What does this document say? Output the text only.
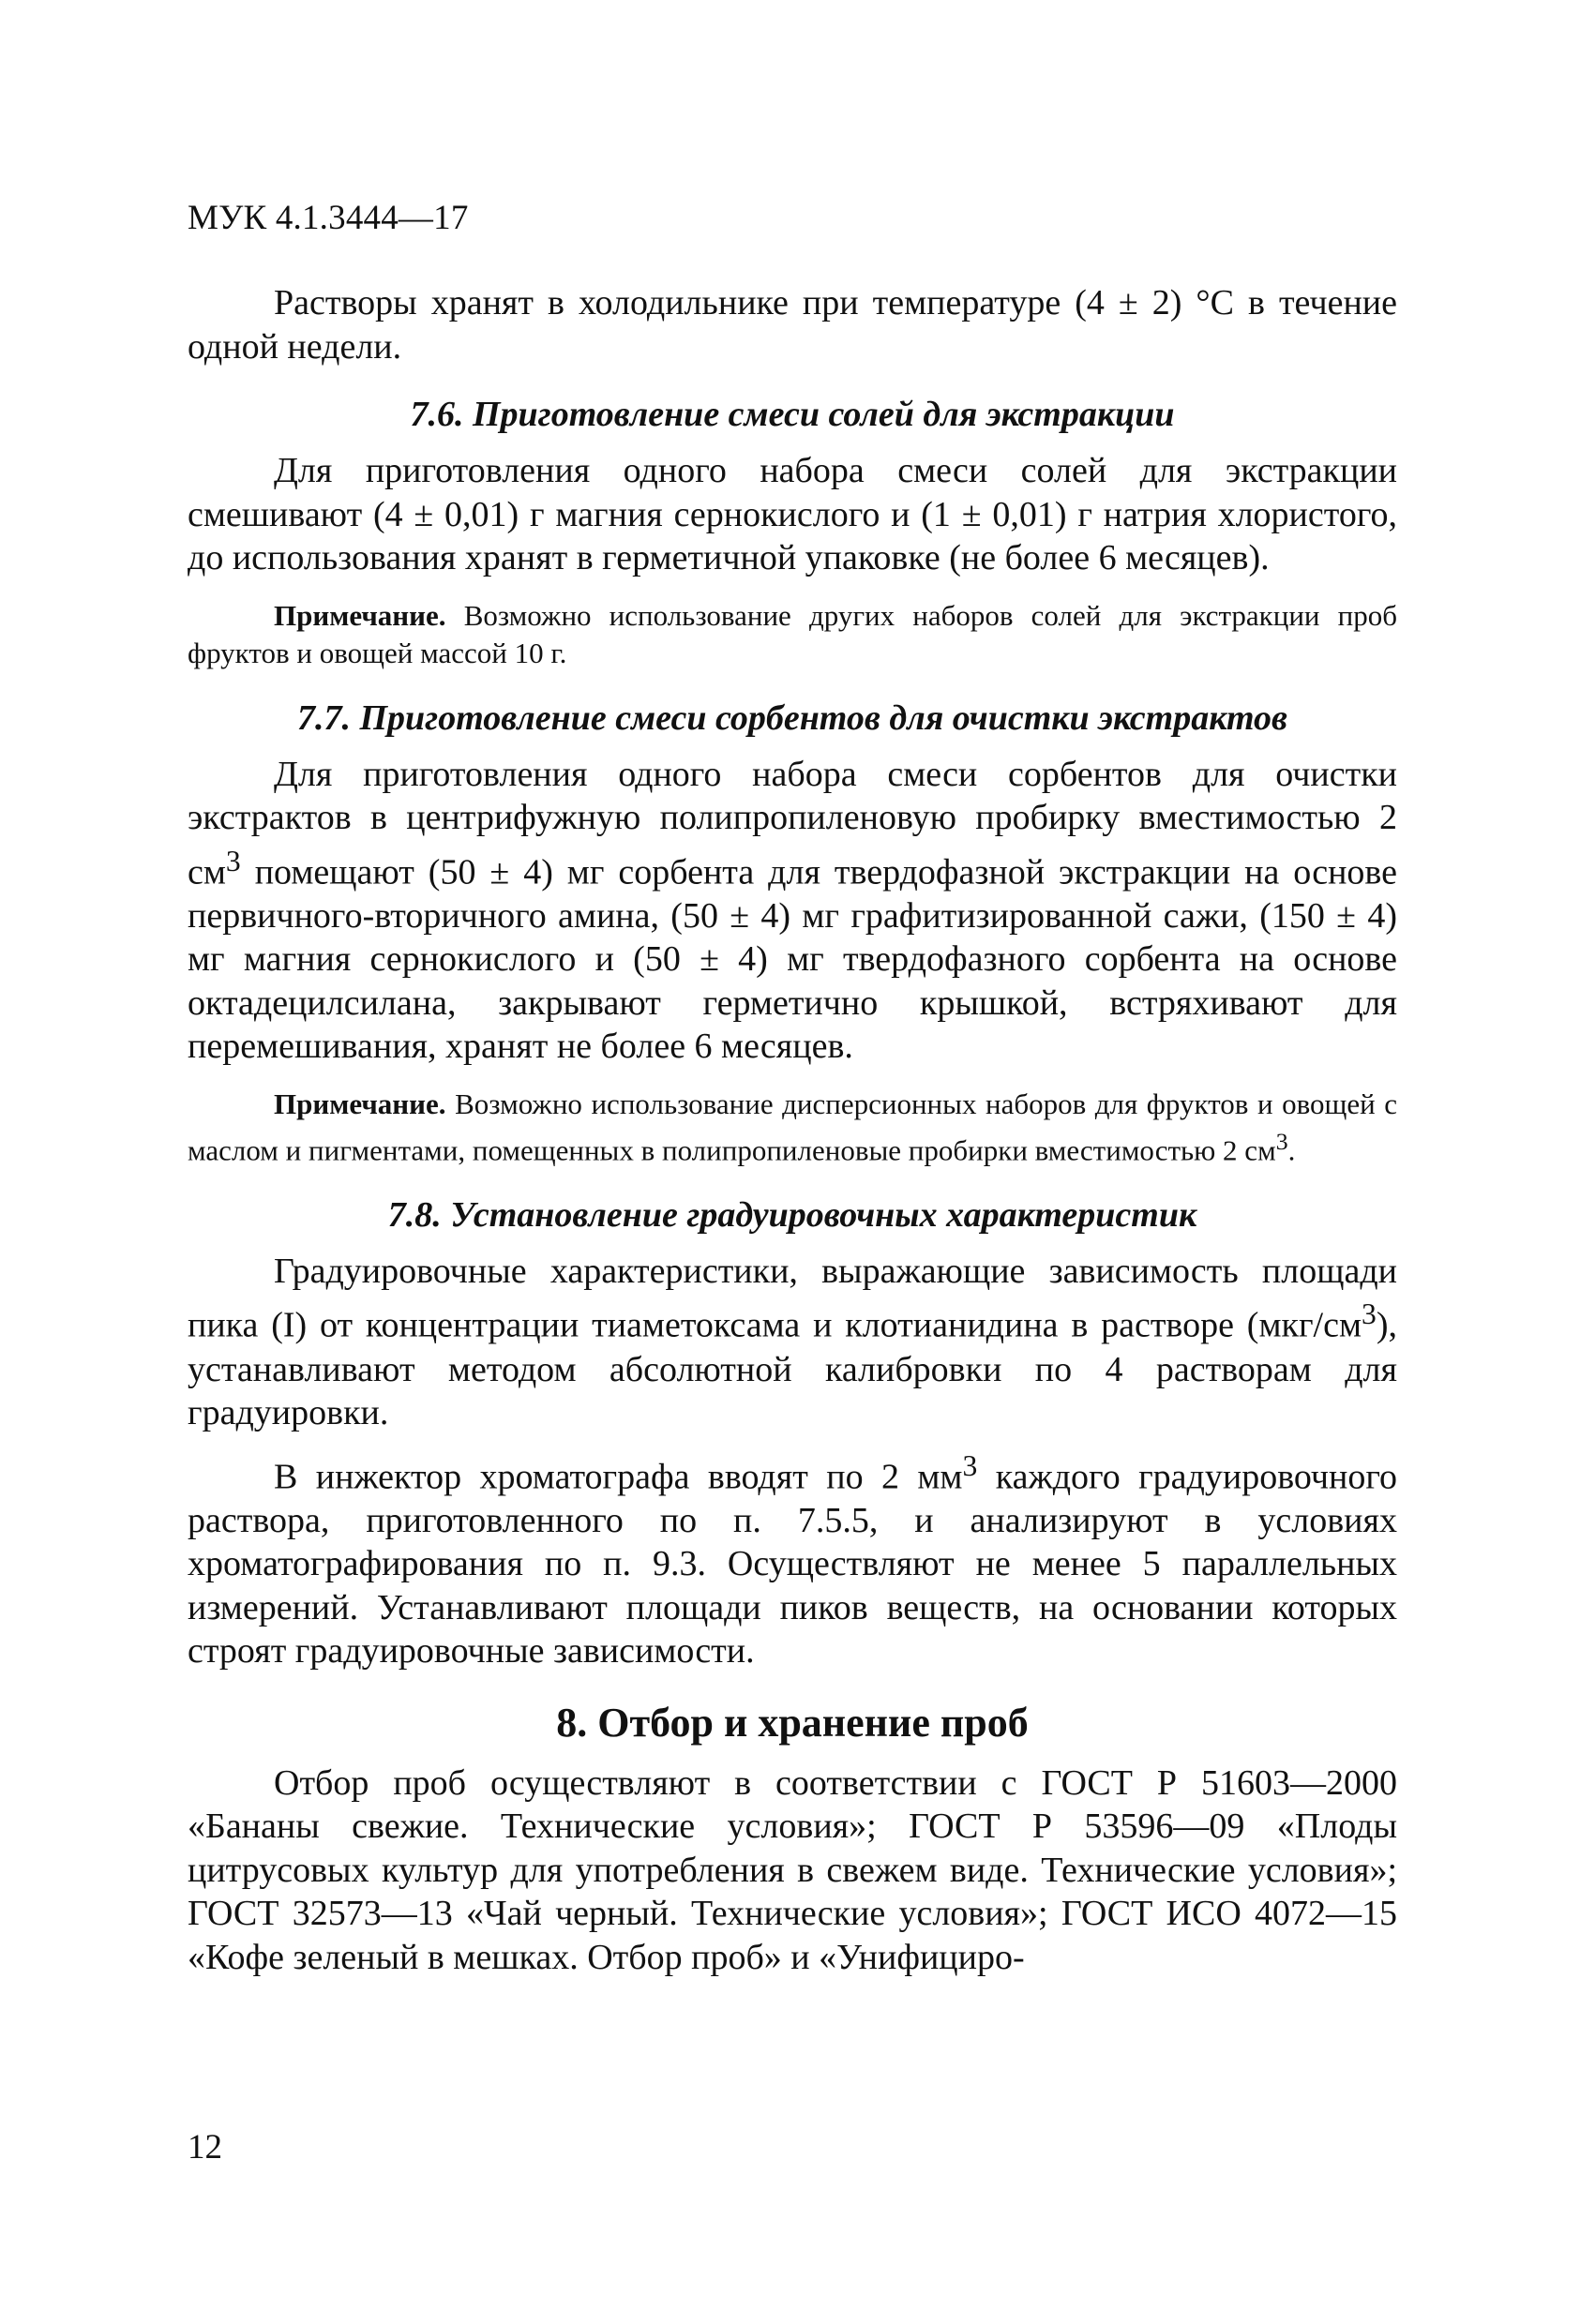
МУК 4.1.3444—17

Растворы хранят в холодильнике при температуре (4 ± 2) °С в течение одной недели.

7.6. Приготовление смеси солей для экстракции

Для приготовления одного набора смеси солей для экстракции смешивают (4 ± 0,01) г магния сернокислого и (1 ± 0,01) г натрия хлористого, до использования хранят в герметичной упаковке (не более 6 месяцев).

Примечание. Возможно использование других наборов солей для экстракции проб фруктов и овощей массой 10 г.

7.7. Приготовление смеси сорбентов для очистки экстрактов

Для приготовления одного набора смеси сорбентов для очистки экстрактов в центрифужную полипропиленовую пробирку вместимостью 2 $см^3$ помещают (50 ± 4) мг сорбента для твердофазной экстракции на основе первичного-вторичного амина, (50 ± 4) мг графитизированной сажи, (150 ± 4) мг магния сернокислого и (50 ± 4) мг твердофазного сорбента на основе октадецилсилана, закрывают герметично крышкой, встряхивают для перемешивания, хранят не более 6 месяцев.

Примечание. Возможно использование дисперсионных наборов для фруктов и овощей с маслом и пигментами, помещенных в полипропиленовые пробирки вместимостью 2 $см^3$.

7.8. Установление градуировочных характеристик

Градуировочные характеристики, выражающие зависимость площади пика (I) от концентрации тиаметоксама и клотианидина в растворе $(мкг/см^3)$, устанавливают методом абсолютной калибровки по 4 растворам для градуировки.

В инжектор хроматографа вводят по 2 $мм^3$ каждого градуировочного раствора, приготовленного по п. 7.5.5, и анализируют в условиях хроматографирования по п. 9.3. Осуществляют не менее 5 параллельных измерений. Устанавливают площади пиков веществ, на основании которых строят градуировочные зависимости.

8. Отбор и хранение проб

Отбор проб осуществляют в соответствии с ГОСТ Р 51603—2000 «Бананы свежие. Технические условия»; ГОСТ Р 53596—09 «Плоды цитрусовых культур для употребления в свежем виде. Технические условия»; ГОСТ 32573—13 «Чай черный. Технические условия»; ГОСТ ИСО 4072—15 «Кофе зеленый в мешках. Отбор проб» и «Унифициро-

12
